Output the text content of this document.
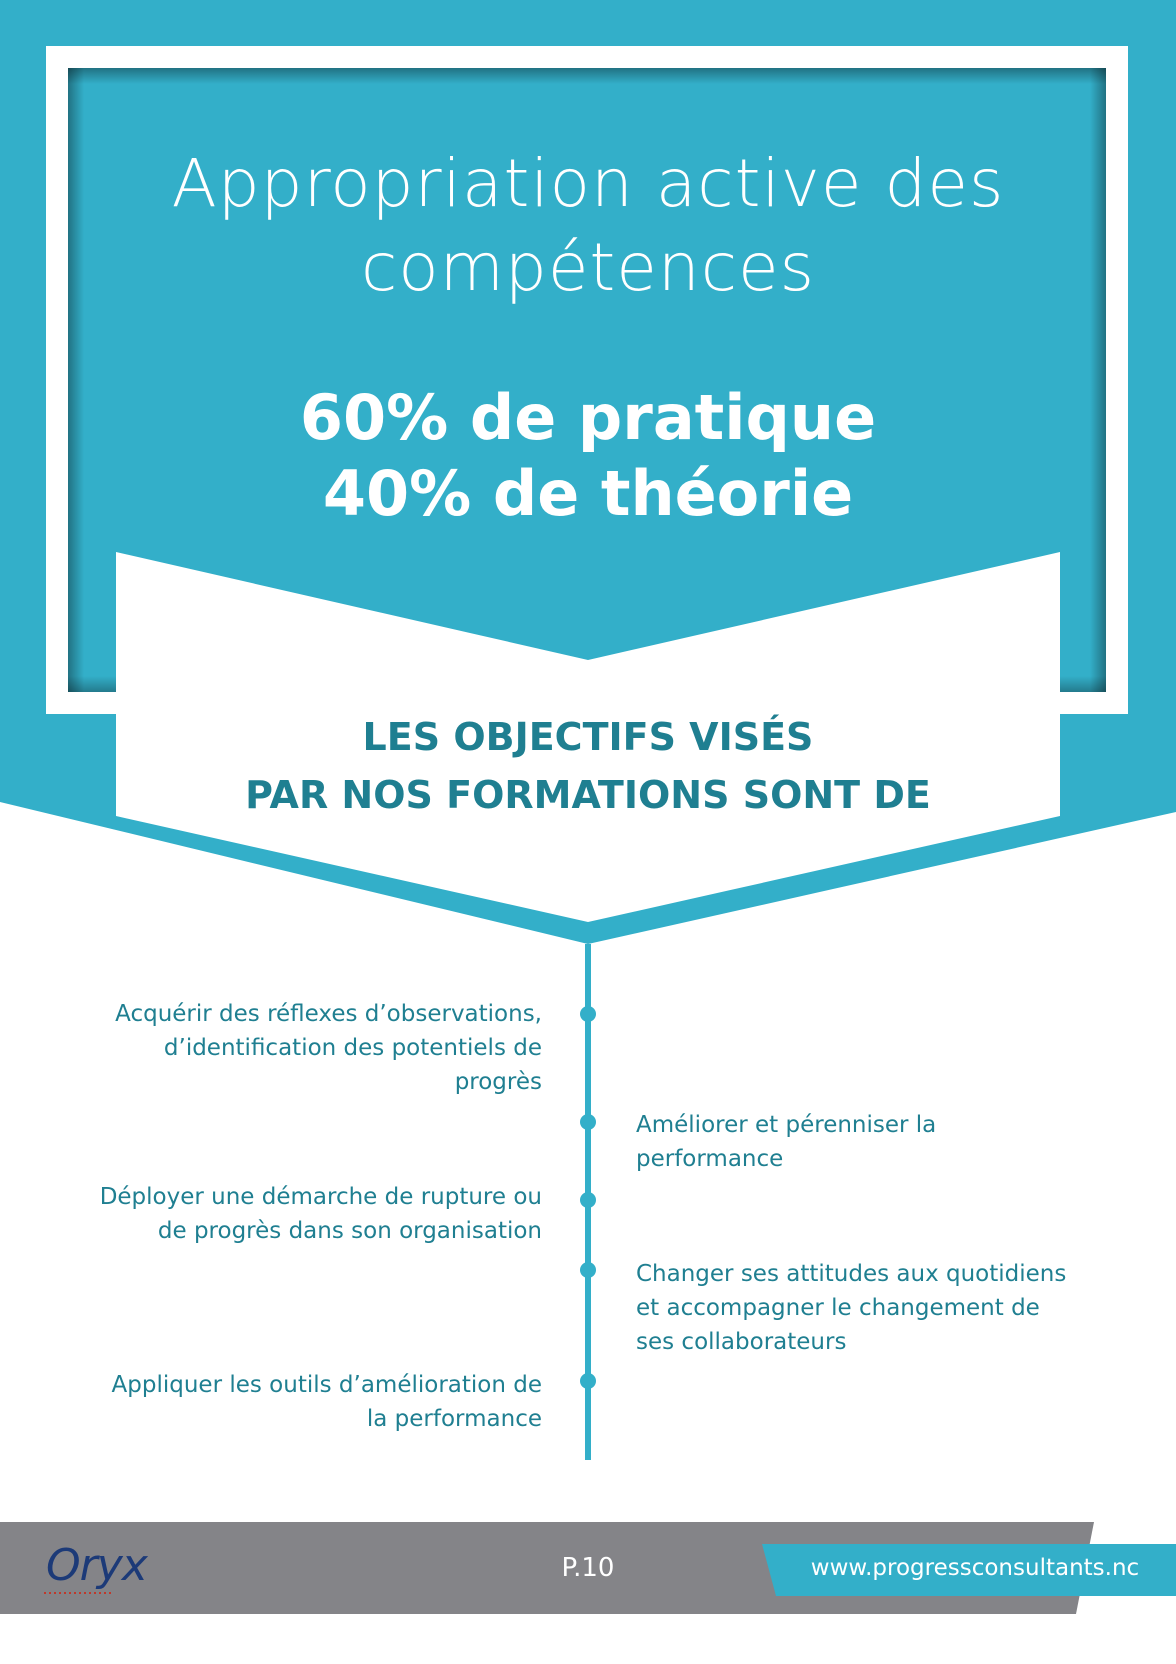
Appropriation active des
compétences
60% de pratique
40% de théorie
LES OBJECTIFS VISÉS
PAR NOS FORMATIONS SONT DE
Acquérir des réflexes d’observations,
d’identification des potentiels de
progrès
Améliorer et pérenniser la
performance
Déployer une démarche de rupture ou
de progrès dans son organisation
Changer ses attitudes aux quotidiens
et accompagner le changement de
ses collaborateurs
Appliquer les outils d’amélioration de
la performance
Oryx	P.10	www.progressconsultants.nc
